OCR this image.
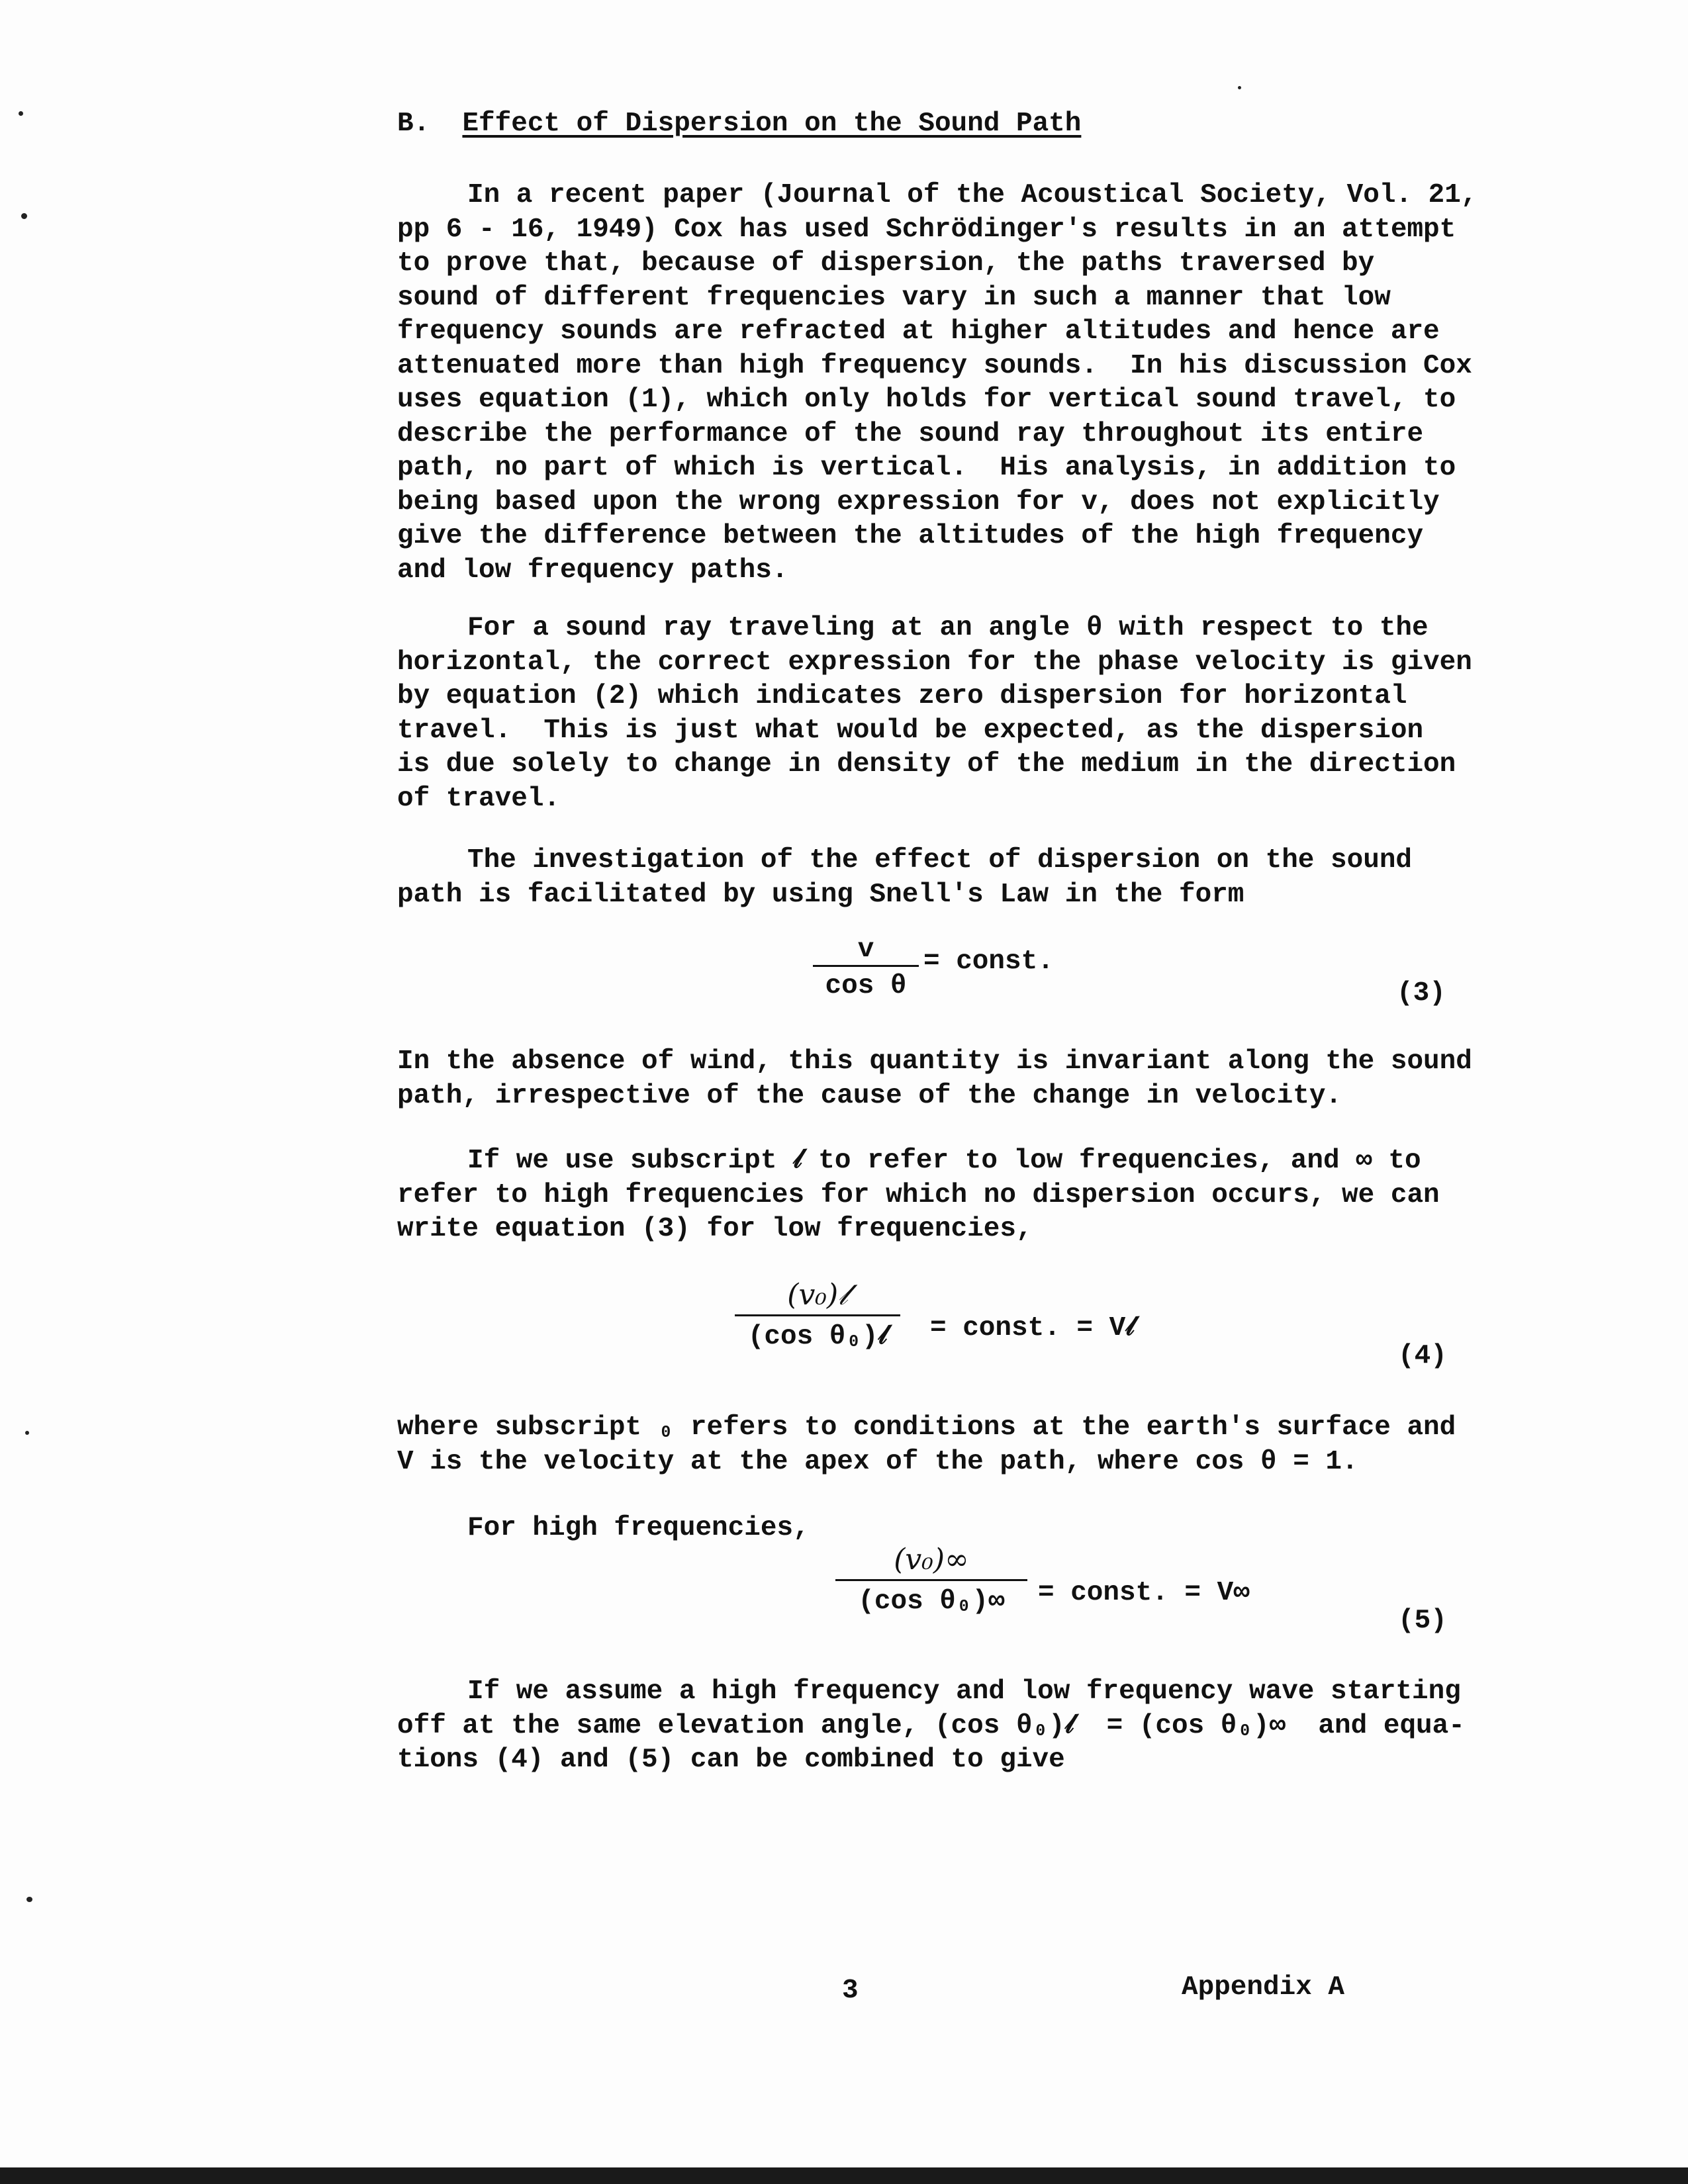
B. Effect of Dispersion on the Sound Path
In a recent paper (Journal of the Acoustical Society, Vol. 21,
pp 6 - 16, 1949) Cox has used Schrödinger's results in an attempt
to prove that, because of dispersion, the paths traversed by
sound of different frequencies vary in such a manner that low
frequency sounds are refracted at higher altitudes and hence are
attenuated more than high frequency sounds.  In his discussion Cox
uses equation (1), which only holds for vertical sound travel, to
describe the performance of the sound ray throughout its entire
path, no part of which is vertical.  His analysis, in addition to
being based upon the wrong expression for v, does not explicitly
give the difference between the altitudes of the high frequency
and low frequency paths.
For a sound ray traveling at an angle θ with respect to the
horizontal, the correct expression for the phase velocity is given
by equation (2) which indicates zero dispersion for horizontal
travel.  This is just what would be expected, as the dispersion
is due solely to change in density of the medium in the direction
of travel.
The investigation of the effect of dispersion on the sound
path is facilitated by using Snell's Law in the form
$\frac{v}{\text{cos θ}}$ = const.
(3)
In the absence of wind, this quantity is invariant along the sound
path, irrespective of the cause of the change in velocity.
If we use subscript 𝓁 to refer to low frequencies, and ∞ to
refer to high frequencies for which no dispersion occurs, we can
write equation (3) for low frequencies,
(v₀)𝓁
(cos θ₀)𝓁	= const. = V𝓁
(4)
where subscript ₀ refers to conditions at the earth's surface and
V is the velocity at the apex of the path, where cos θ = 1.
For high frequencies,
$\frac{\text{(v₀)∞}}{\text{(cos θ₀)∞}}$ = const. = V∞
(5)
If we assume a high frequency and low frequency wave starting
off at the same elevation angle, (cos θ₀)𝓁  = (cos θ₀)∞  and equa-
tions (4) and (5) can be combined to give
3	Appendix A
